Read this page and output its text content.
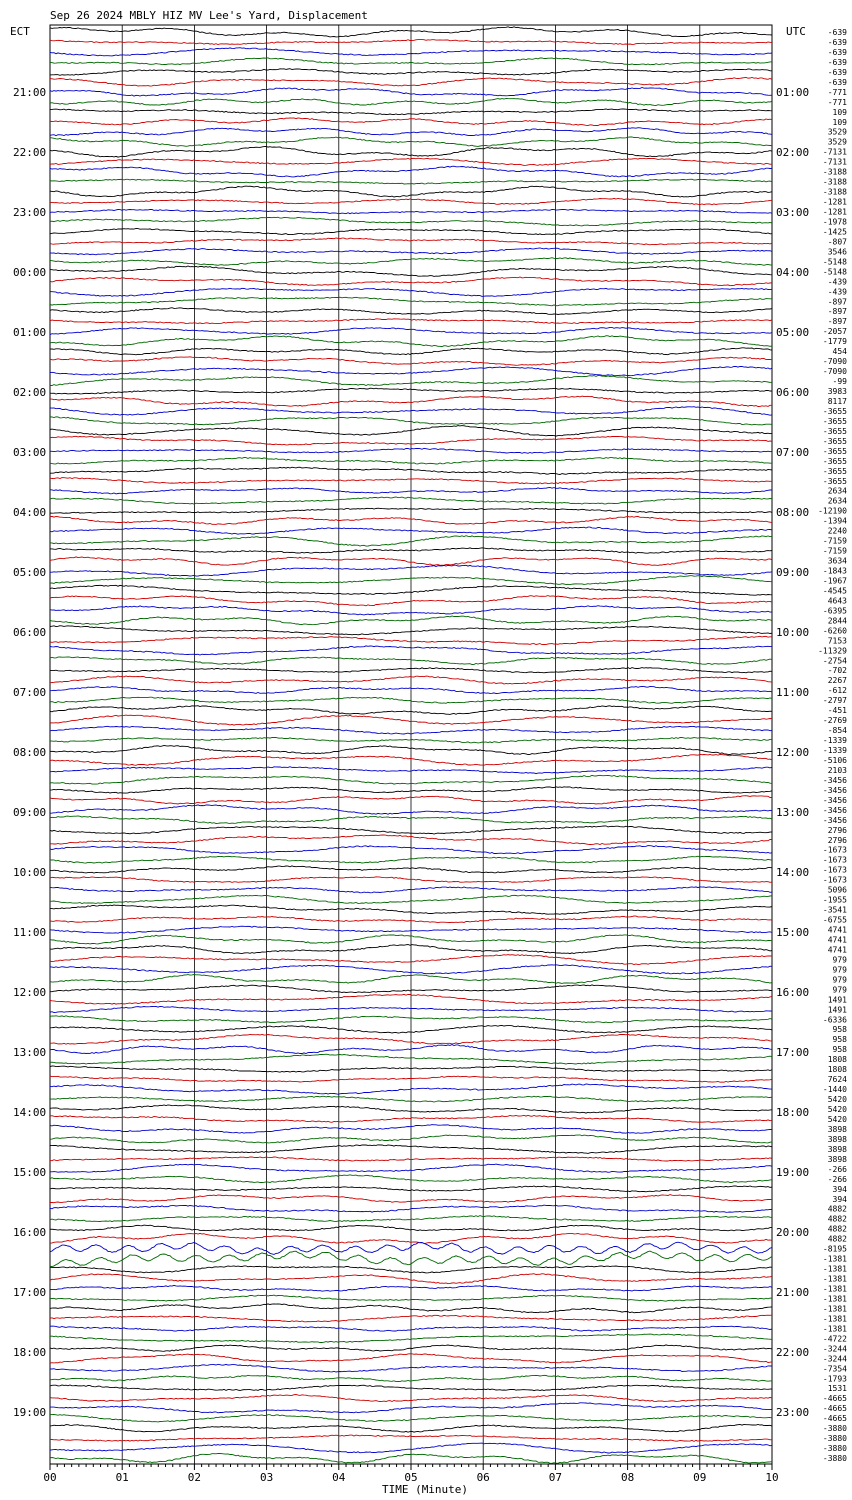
Sep 26 2024 MBLY HIZ MV Lee's Yard, Displacement
ECT	UTC
00	01	02	03	04	05	06	07	08	09	10
TIME (Minute)
-639
-639
-639
-639
-639
-639
-771
-771
109
109
3529
3529
-7131
-7131
-3188
-3188
-3188
-1281
-1281
-1978
-1425
-807
3546
-5148
-5148
-439
-439
-897
-897
-897
-2057
-1779
454
-7090
-7090
-99
3983
8117
-3655
-3655
-3655
-3655
-3655
-3655
-3655
-3655
2634
2634
-12190
-1394
2240
-7159
-7159
3634
-1843
-1967
-4545
4643
-6395
2844
-6260
7153
-11329
-2754
-702
2267
-612
-2797
-451
-2769
-854
-1339
-1339
-5106
2103
-3456
-3456
-3456
-3456
-3456
2796
2796
-1673
-1673
-1673
-1673
5096
-1955
-3541
-6755
4741
4741
4741
979
979
979
979
1491
1491
-6336
958
958
958
1808
1808
7624
-1440
5420
5420
5420
3898
3898
3898
3898
-266
-266
394
394
4882
4882
4882
4882
-8195
-1381
-1381
-1381
-1381
-1381
-1381
-1381
-1381
-4722
-3244
-3244
-7354
-1793
1531
-4665
-4665
-4665
-3880
-3880
-3880
-3880
21:00	01:00
22:00	02:00
23:00	03:00
00:00	04:00
01:00	05:00
02:00	06:00
03:00	07:00
04:00	08:00
05:00	09:00
06:00	10:00
07:00	11:00
08:00	12:00
09:00	13:00
10:00	14:00
11:00	15:00
12:00	16:00
13:00	17:00
14:00	18:00
15:00	19:00
16:00	20:00
17:00	21:00
18:00	22:00
19:00	23:00
